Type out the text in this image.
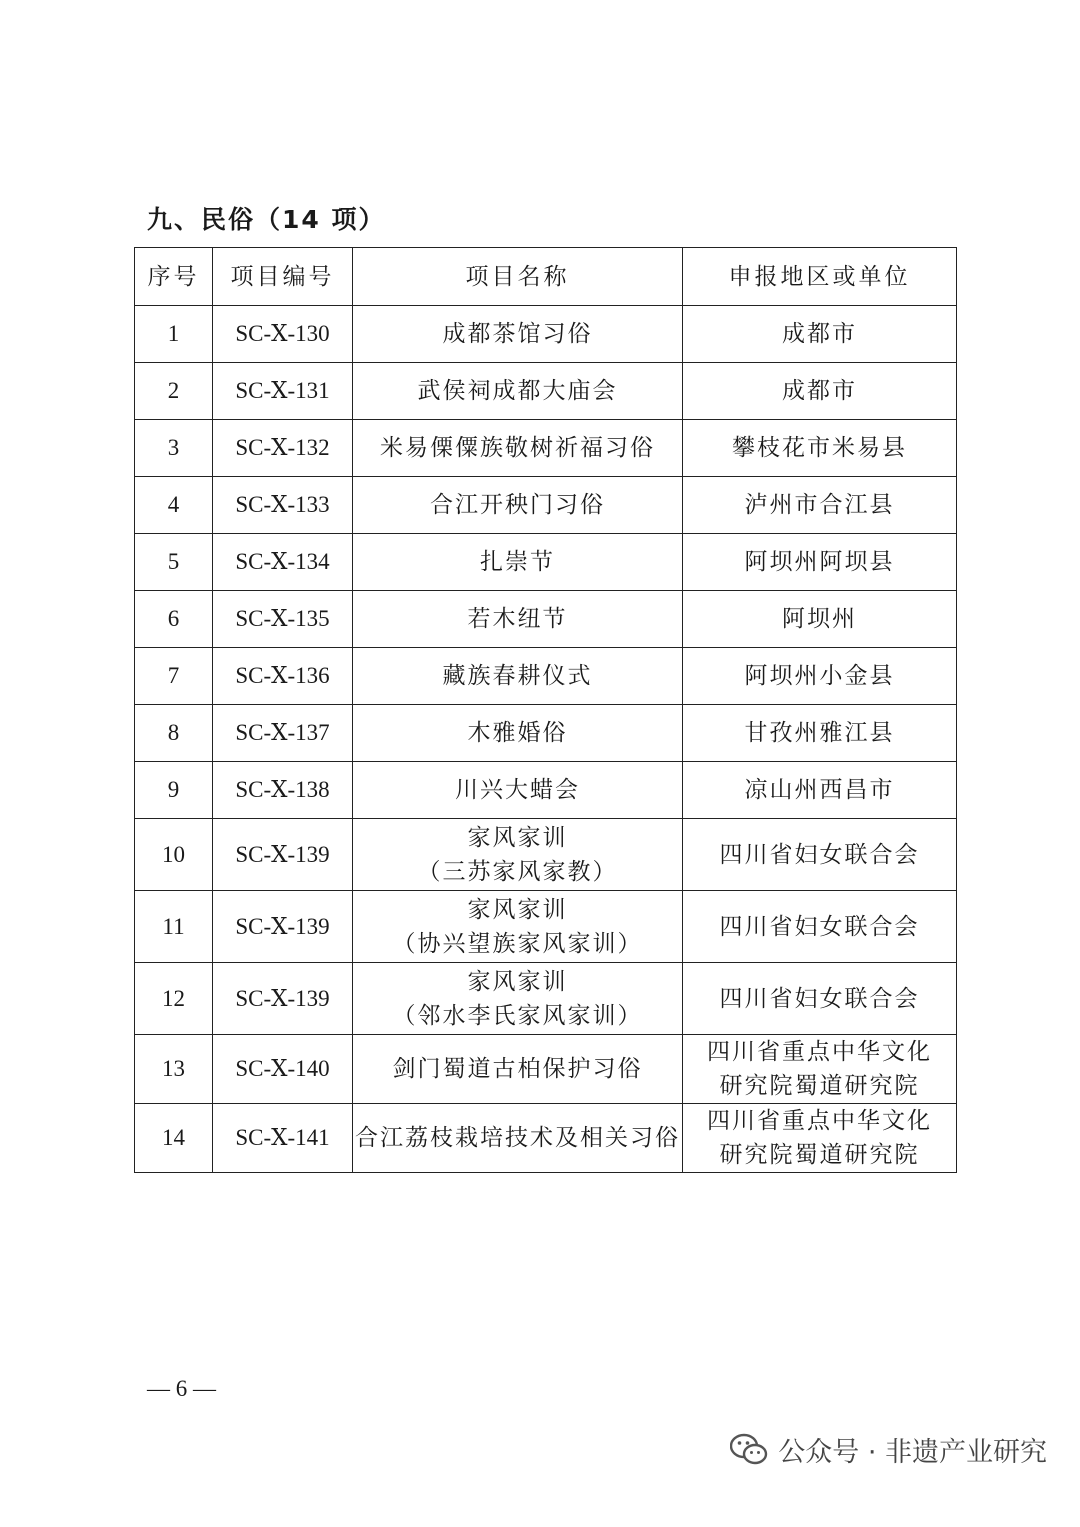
九、民俗（14 项）
序号	项目编号	项目名称	申报地区或单位
1	SC-Ⅹ-130	成都茶馆习俗	成都市

2	SC-Ⅹ-131	武侯祠成都大庙会	成都市

3	SC-Ⅹ-132	米易傈僳族敬树祈福习俗	攀枝花市米易县

4	SC-Ⅹ-133	合江开秧门习俗	泸州市合江县

5	SC-Ⅹ-134	扎崇节	阿坝州阿坝县

6	SC-Ⅹ-135	若木纽节	阿坝州

7	SC-Ⅹ-136	藏族春耕仪式	阿坝州小金县

8	SC-Ⅹ-137	木雅婚俗	甘孜州雅江县

9	SC-Ⅹ-138	川兴大蜡会	凉山州西昌市

10	SC-Ⅹ-139	家风家训
（三苏家风家教）	四川省妇女联合会

11	SC-Ⅹ-139	家风家训
（协兴望族家风家训）	四川省妇女联合会

12	SC-Ⅹ-139	家风家训
（邻水李氏家风家训）	四川省妇女联合会

13	SC-Ⅹ-140	剑门蜀道古柏保护习俗	四川省重点中华文化
研究院蜀道研究院

14	SC-Ⅹ-141	合江荔枝栽培技术及相关习俗	四川省重点中华文化
研究院蜀道研究院
— 6 —
公众号 · 非遗产业研究
